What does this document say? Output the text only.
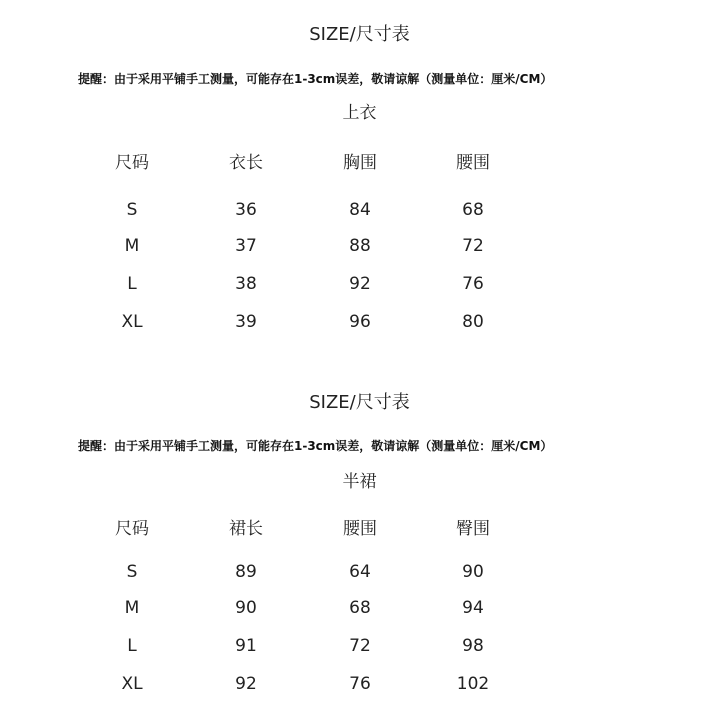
SIZE/尺寸表
提醒：由于采用平铺手工测量，可能存在1-3cm误差，敬请谅解（测量单位：厘米/CM）
上衣
尺码	衣长	胸围	腰围
S	36	84	68
M	37	88	72
L	38	92	76
XL	39	96	80
SIZE/尺寸表
提醒：由于采用平铺手工测量，可能存在1-3cm误差，敬请谅解（测量单位：厘米/CM）
半裙
尺码	裙长	腰围	臀围
S	89	64	90
M	90	68	94
L	91	72	98
XL	92	76	102
